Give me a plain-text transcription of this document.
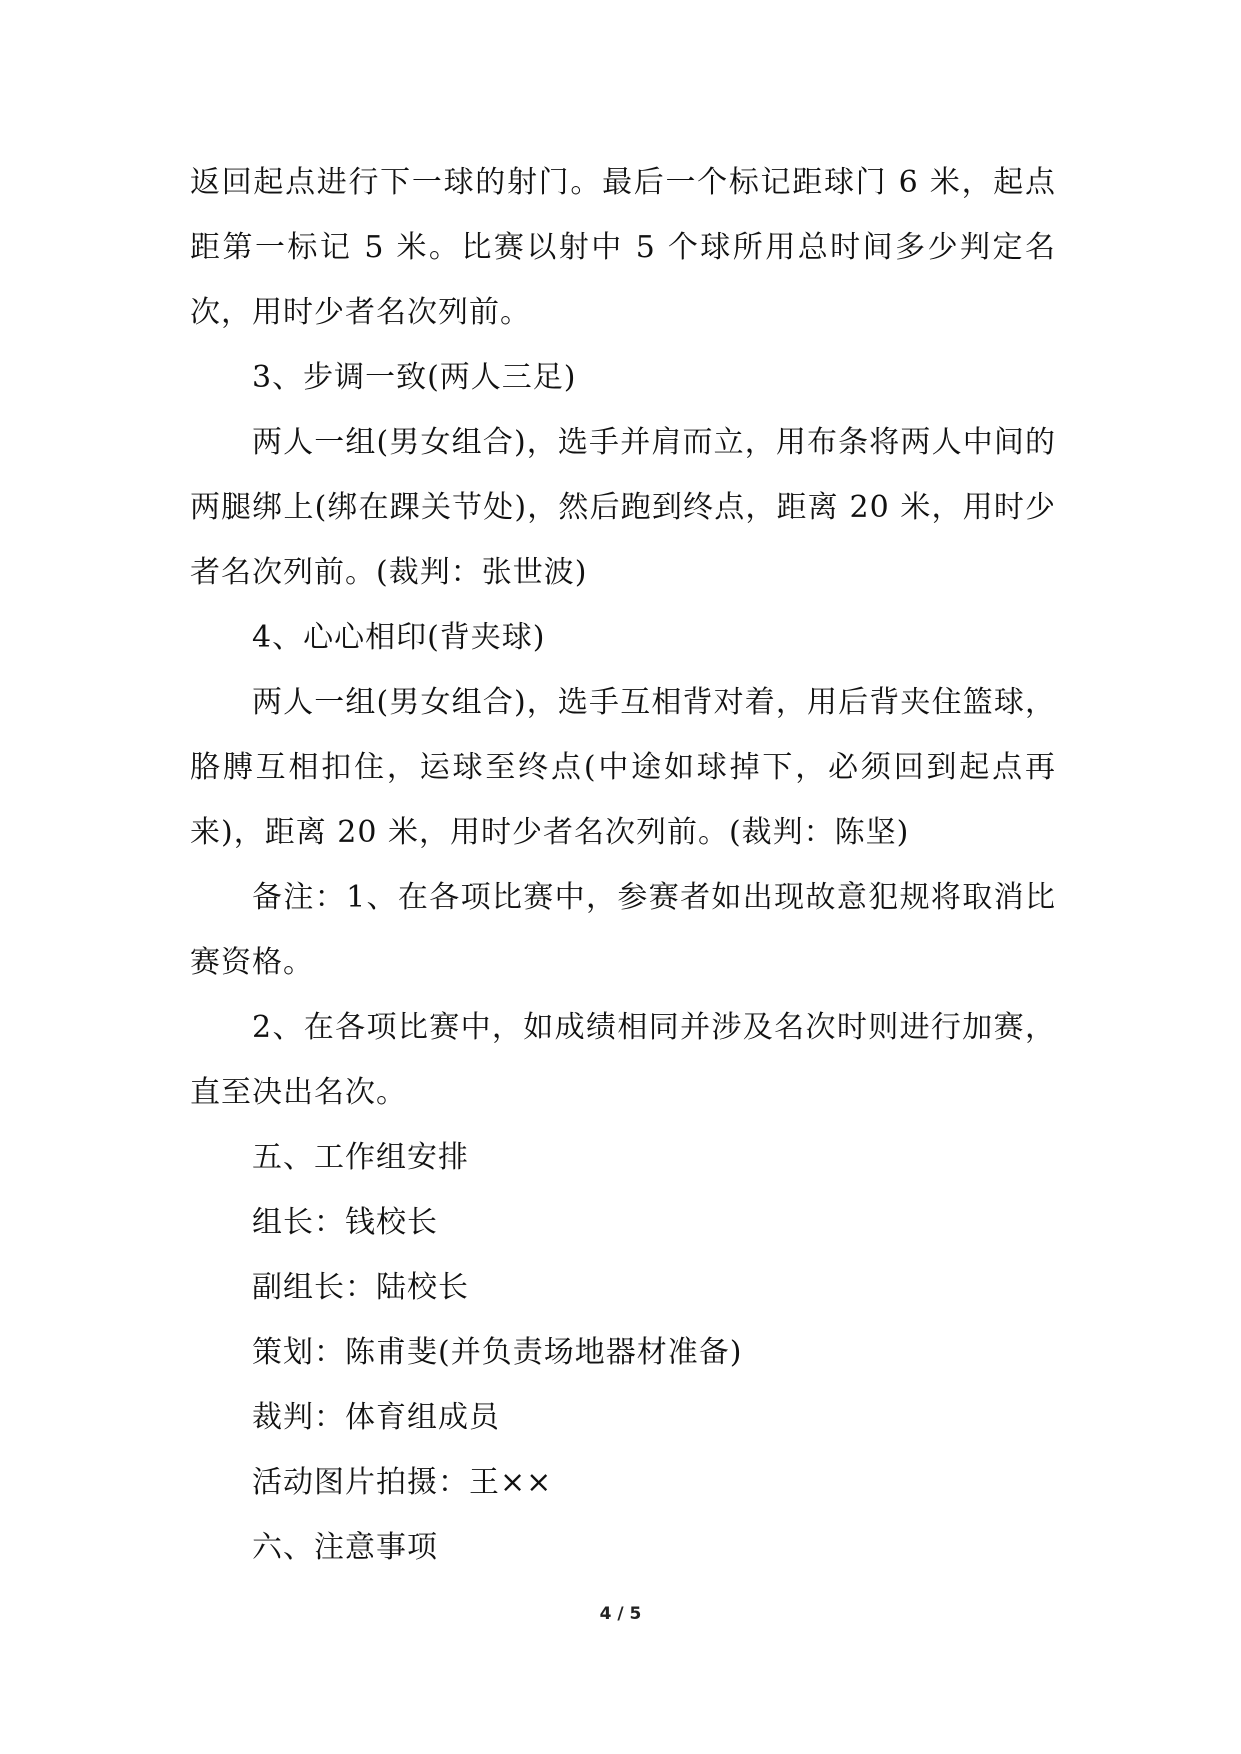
返回起点进行下一球的射门。最后一个标记距球门 6 米，起点距第一标记 5 米。比赛以射中 5 个球所用总时间多少判定名次，用时少者名次列前。

3、步调一致(两人三足)

两人一组(男女组合)，选手并肩而立，用布条将两人中间的两腿绑上(绑在踝关节处)，然后跑到终点，距离 20 米，用时少者名次列前。(裁判：张世波)

4、心心相印(背夹球)

两人一组(男女组合)，选手互相背对着，用后背夹住篮球，胳膊互相扣住，运球至终点(中途如球掉下，必须回到起点再来)，距离 20 米，用时少者名次列前。(裁判：陈坚)

备注：1、在各项比赛中，参赛者如出现故意犯规将取消比赛资格。

2、在各项比赛中，如成绩相同并涉及名次时则进行加赛，直至决出名次。

五、工作组安排

组长：钱校长

副组长：陆校长

策划：陈甫斐(并负责场地器材准备)

裁判：体育组成员

活动图片拍摄：王××

六、注意事项

4 / 5
